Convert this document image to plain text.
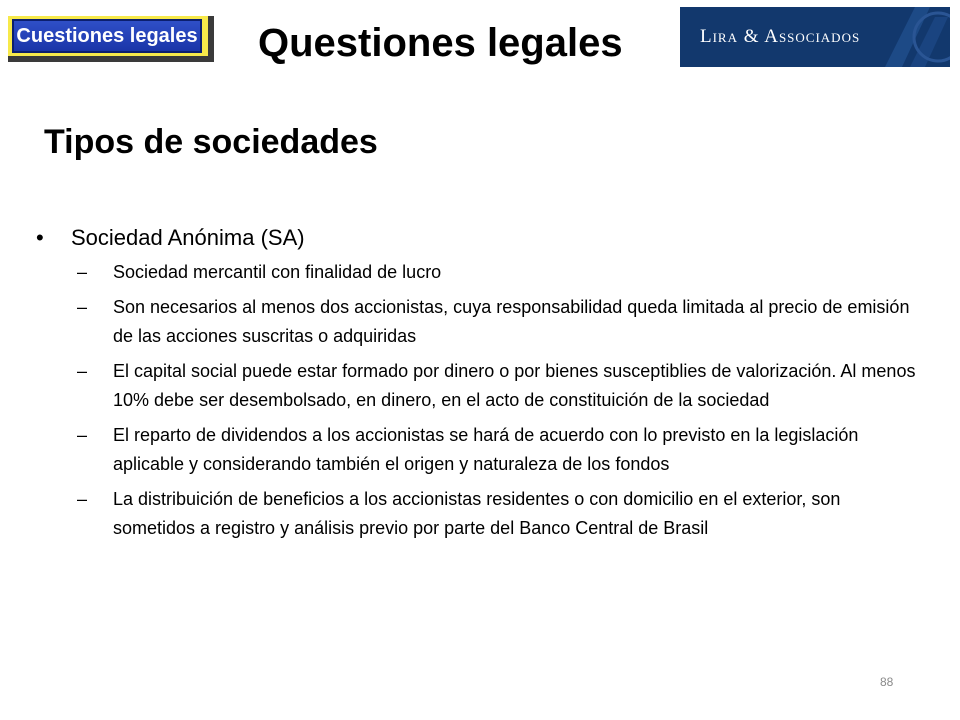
Cuestiones legales Questiones legales	Lira & Associados
Tipos de sociedades
• Sociedad Anónima (SA)
– Sociedad mercantil con finalidad de lucro
– Son necesarios al menos dos accionistas, cuya responsabilidad queda limitada al precio de emisión de las acciones suscritas o adquiridas
– El capital social puede estar formado por dinero o por bienes susceptiblies de valorización. Al menos 10% debe ser desembolsado, en dinero, en el acto de constituición de la sociedad
– El reparto de dividendos a los accionistas se hará de acuerdo con lo previsto en la legislación aplicable y considerando también el origen y naturaleza de los fondos
– La distribuición de beneficios a los accionistas residentes o con domicilio en el exterior, son sometidos a registro y análisis previo por parte del Banco Central de Brasil
88
